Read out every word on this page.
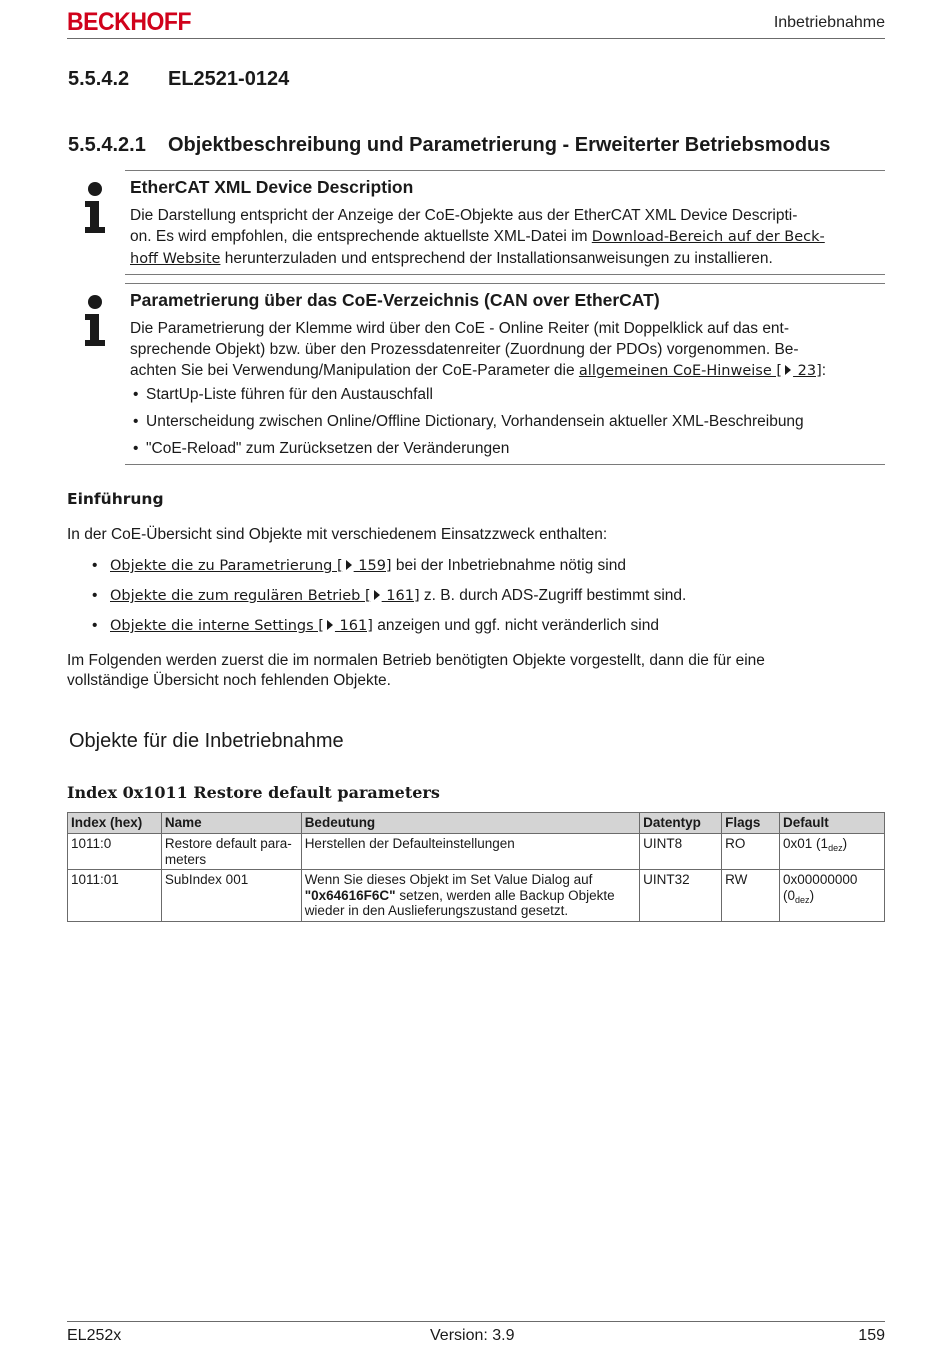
BECKHOFF	Inbetriebnahme
5.5.4.2 EL2521-0124
5.5.4.2.1 Objektbeschreibung und Parametrierung - Erweiterter Betriebsmodus
EtherCAT XML Device Description
Die Darstellung entspricht der Anzeige der CoE-Objekte aus der EtherCAT XML Device Descripti-
on. Es wird empfohlen, die entsprechende aktuellste XML-Datei im Download-Bereich auf der Beck-
hoff Website herunterzuladen und entsprechend der Installationsanweisungen zu installieren.
Parametrierung über das CoE-Verzeichnis (CAN over EtherCAT)
Die Parametrierung der Klemme wird über den CoE - Online Reiter (mit Doppelklick auf das ent-
sprechende Objekt) bzw. über den Prozessdatenreiter (Zuordnung der PDOs) vorgenommen. Be-
achten Sie bei Verwendung/Manipulation der CoE-Parameter die allgemeinen CoE-Hinweise [ 23]:
• StartUp-Liste führen für den Austauschfall
• Unterscheidung zwischen Online/Offline Dictionary, Vorhandensein aktueller XML-Beschreibung
• "CoE-Reload" zum Zurücksetzen der Veränderungen
Einführung
In der CoE-Übersicht sind Objekte mit verschiedenem Einsatzzweck enthalten:
• Objekte die zu Parametrierung [ 159] bei der Inbetriebnahme nötig sind
• Objekte die zum regulären Betrieb [ 161] z. B. durch ADS-Zugriff bestimmt sind.
• Objekte die interne Settings [ 161] anzeigen und ggf. nicht veränderlich sind
Im Folgenden werden zuerst die im normalen Betrieb benötigten Objekte vorgestellt, dann die für eine
vollständige Übersicht noch fehlenden Objekte.
Objekte für die Inbetriebnahme
Index 0x1011 Restore default parameters
Index (hex)	Name	Bedeutung	Datentyp	Flags	Default
1011:0	Restore default para-meters	Herstellen der Defaulteinstellungen	UINT8	RO	0x01 $(1_{dez})$
1011:01	SubIndex 001	Wenn Sie dieses Objekt im Set Value Dialog auf "0x64616F6C" setzen, werden alle Backup Objekte wieder in den Auslieferungszustand gesetzt.	UINT32	RW	0x00000000 $(0_{dez})$
EL252x	Version: 3.9	159
